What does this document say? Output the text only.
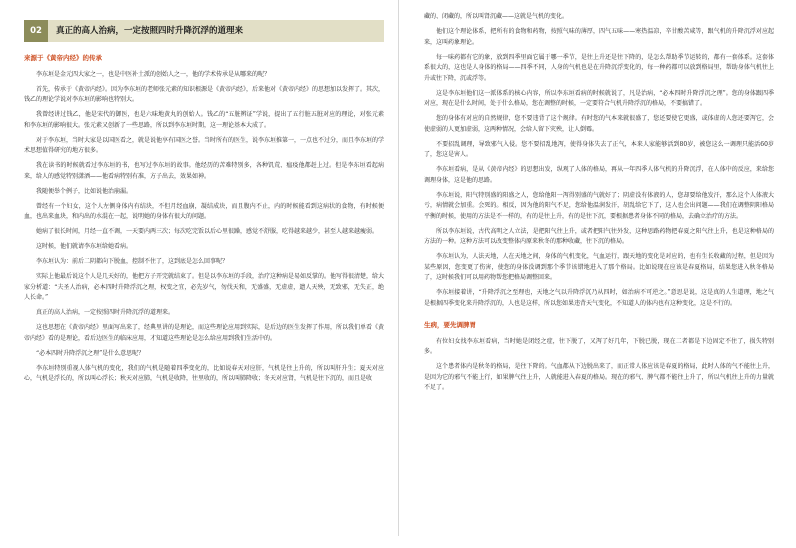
02	真正的高人治病，一定按照四时升降沉浮的道理来
来源于《黄帝内经》的传承

李东垣是金元四大家之一，也是中医补土派的创始人之一，他的学术传承是从哪来的呢？

首先，传承于《黄帝内经》。因为李东垣的老师张元素的知识根源是《黄帝内经》，后来他对《黄帝内经》的思想加以发挥了。其次，钱乙的理论学说对李东垣的影响也特别大。

我曾经讲过钱乙，他是宋代的御医，也是六味地黄丸的创始人。钱乙的“五脏辨证”学说，提出了五行脏五脏对应的理论，对张元素和李东垣的影响很大。张元素又创新了一些思路，所以到李东垣时期，这一理论基本大成了。

对于李东垣，当时大家是以国医看之，就是说他享有国医之誉。当时所有的医生，说李东垣推第一，一点也不过分，而且李东垣的学术思想值得研究的地方很多。

我在读书的时候就看过李东垣的书，也写过李东垣的故事。他经历的苦难特别多，各种饥荒、瘟疫他都赶上过。但是李东垣看起病来，给人的感觉特别潇洒——他看病特别有准，方子出去，效果如神。

我随便举个例子，比如说他治崩漏。

曾经有一个妇女，这个人左侧身体内有结块，不但月经血崩，凝结成块，而且腹内不止，内的时候能看到这病状的食物，有时候便血，也出来血块，和内出的水混在一起，说明她的身体有很大的问题。

她病了很长时间，月经一直不调，一天要内两三次；每次吃完饭以后心里很躁，感觉不舒服，吃得越来越少，甚至人越来越瘦弱。

这时候，他们就请李东垣给她看病。

李东垣认为：前后二阴都向下脱血，控制不住了，这到底是怎么回事呢？

实际上他最后说这个人是几天好的，他把方子开完就结束了。但是以李东垣的手段，治疗这种病是易如反掌的。他写得很清楚，给大家分析道：“夫圣人治病，必本四时升降浮沉之理，权变之宜，必先岁气，勿伐天和，无盛盛，无虚虚，遗人天殃，无致邪，无失正，绝人长命。”

真正的高人治病，一定按照四时升降沉浮的道理来。

这也思想在《黄帝内经》里面写出来了，经典里讲的是理论，而这些理论应用到实际，是后边的医生发挥了作用，所以我们单看《黄帝内经》看的是理论，看后边医生的临床应用，才知道这些理论是怎么给应用到我们生活中的。

“必本四时升降浮沉之理”是什么意思呢？

李东垣特别重视人体气机的变化，我们的气机是随着四季变化的，比如说春天对应肝，气机是往上升的，所以叫肝升生；夏天对应心，气机是浮长的，所以叫心浮长；秋天对应肺，气机是收降，往里收的，所以叫肺降收；冬天对应肾，气机是往下沉的，而且是收

藏的、闭藏的，所以叫肾沉藏——这就是气机的变化。

他们这个理论体系，把所有的食物和药物，按照气味的薄厚，四气五味——寒热温凉，辛甘酸苦咸等，跟气机的升降沉浮对应起来，这叫药象理论。

每一味药都有它的象，放到四季里面它属于哪一季节，是往上升还是往下降的，是怎么帮助季节运转的，都有一套体系。这套体系很大的，这也是人身体的格局——四季不同，人身的气机也是在升降沉浮变化的，每一种药都可以放到格局里，帮助身体气机往上升或往下降，沉或浮等。

这是李东垣他们这一派体系的核心内容，所以李东垣看病的时候就说了，凡是治病，“必本四时升降浮沉之理”。您的身体跟四季对应，现在是什么时间，处于什么格局，您在调整的时候，一定要符合气机升降浮沉的格局，不要搞错了。

您的身体有对应的自然规律，您不要违背了这个规律。有时您的气本来就很盛了，您还要使它更盛，或体虚的人您还要泻它，会使虚弱的人更加虚弱，这两种情况，会给人留下灾殃，让人倒霉。

不要招乱调理，导致邪气入侵。您不要招乱地泻，使得身体失去了正气，本来人家能够活到80岁，被您这么一调理只能活60岁了，您这是害人。

李东垣看病，是从《黄帝内经》的思想出发，纵观了人体的格局，再从一年四季人体气机的升降沉浮，在人体中的反应，来给您调理身体，这是他的思路。

李东垣说，阳气特别盛的阳盛之人，您给他阳一泻得别盛的气就好了；阴虚没有体液的人，您却要给他发汗，那么这个人体液大亏，病情就会加重。会死的。相反，因为他的阳气不足，您给他温润发汗，胡乱给它下了，这人也会出问题——我们在调整阴阳格局平衡的时候，使用的方法是不一样的，有的是往上升，有的是往下沉，要根据患者身体不同的格局，去确立治疗的方法。

所以李东垣说，古代高明之人立法，是把阳气往上升，或者把阳气往外发，这种思路药物把春夏之阳气往上升，也是这种格局的方法的一种。这种方法可以改变整体内原来秋冬的那种收藏，往下沉的格局。

李东垣认为，人法天地，人在天地之间，身体的气机变化，气血运行，跟天地的变化是对应的，也有生长收藏的过程，但是因为某些原因，您变更了伤害，使您的身体没调到那个季节该错地进入了那个格局。比如说现在应该是春夏格局，结果您进入秋冬格局了，这时候我们可以用药物帮您把格局调整回来。

李东垣接着讲，“升降浮沉之至理也，天地之气以升降浮沉乃从四时，如治病不可逆之。”意思是说，这是真的人生道理，地之气是根据四季变化来升降浮沉的，人也是这样，所以您如果违背天气变化，不知道人的体内也有这种变化，这是不行的。

生病，要先调脾胃

有位妇女找李东垣看病，当时她是闭经之症，往下脱了，又泻了好几年，下脱已脱，现在二者都是下边固定不住了，损失特别多。

这个患者体内是秋冬的格局，是往下降的。气血都从下边脱出来了，而正常人体应该是春夏的格局，此时人体的气不能往上升，是因为它的邪气不能上行，如果脾气往上升，人就能进入春夏的格局。现在的邪气、脾气都不能往上升了，所以气机往上升的力量就不足了。
